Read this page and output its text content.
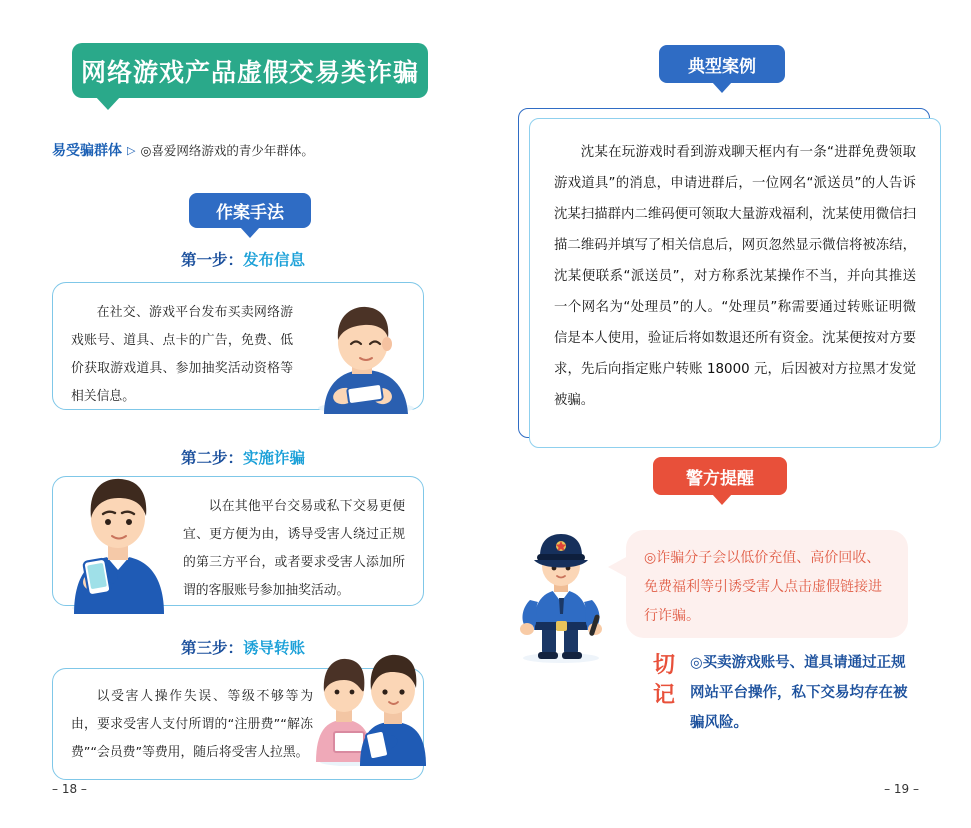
网络游戏产品虚假交易类诈骗
易受骗群体 ▷ ◎喜爱网络游戏的青少年群体。
作案手法
第一步：发布信息

在社交、游戏平台发布买卖网络游戏账号、道具、点卡的广告，免费、低价获取游戏道具、参加抽奖活动资格等相关信息。

第二步：实施诈骗

以在其他平台交易或私下交易更便宜、更方便为由，诱导受害人绕过正规的第三方平台，或者要求受害人添加所谓的客服账号参加抽奖活动。

第三步：诱导转账

以受害人操作失误、等级不够等为由，要求受害人支付所谓的“注册费”“解冻费”“会员费”等费用，随后将受害人拉黑。

– 18 –
典型案例

沈某在玩游戏时看到游戏聊天框内有一条“进群免费领取游戏道具”的消息，申请进群后，一位网名“派送员”的人告诉沈某扫描群内二维码便可领取大量游戏福利，沈某使用微信扫描二维码并填写了相关信息后，网页忽然显示微信将被冻结，沈某便联系“派送员”，对方称系沈某操作不当，并向其推送一个网名为“处理员”的人。“处理员”称需要通过转账证明微信是本人使用，验证后将如数退还所有资金。沈某便按对方要求，先后向指定账户转账 18000 元，后因被对方拉黑才发觉被骗。

警方提醒

◎诈骗分子会以低价充值、高价回收、免费福利等引诱受害人点击虚假链接进行诈骗。

切记
◎买卖游戏账号、道具请通过正规网站平台操作，私下交易均存在被骗风险。
– 19 –
